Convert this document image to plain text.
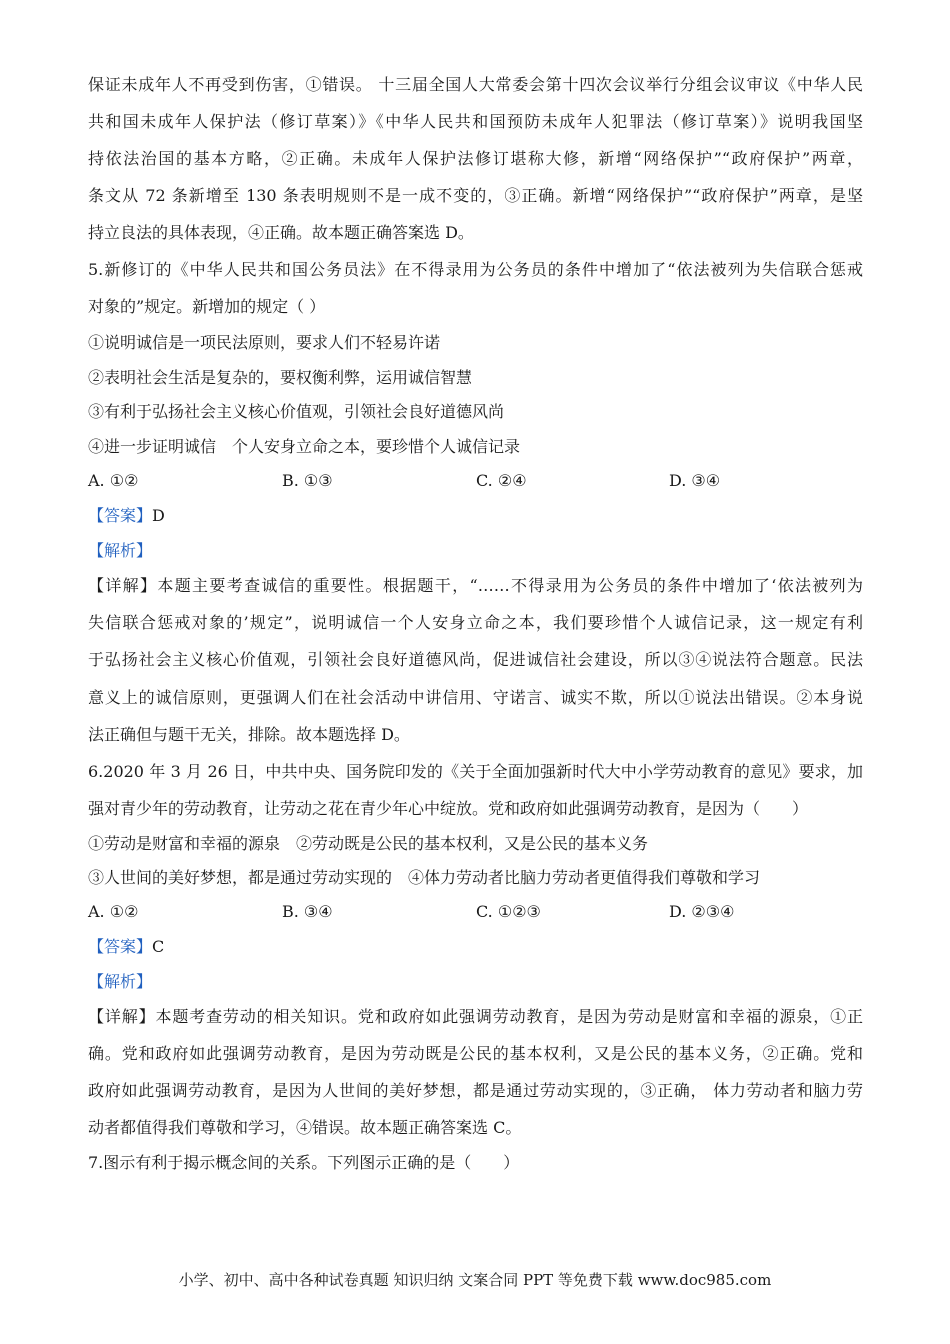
保证未成年人不再受到伤害，①错误。 十三届全国人大常委会第十四次会议举行分组会议审议《中华人民
共和国未成年人保护法（修订草案）》《中华人民共和国预防未成年人犯罪法（修订草案）》说明我国坚
持依法治国的基本方略，②正确。未成年人保护法修订堪称大修，新增“网络保护”“政府保护”两章，
条文从 72 条新增至 130 条表明规则不是一成不变的，③正确。新增“网络保护”“政府保护”两章，是坚
持立良法的具体表现，④正确。故本题正确答案选 D。
5.新修订的《中华人民共和国公务员法》在不得录用为公务员的条件中增加了“依法被列为失信联合惩戒
对象的”规定。新增加的规定（ ）
①说明诚信是一项民法原则，要求人们不轻易许诺
②表明社会生活是复杂的，要权衡利弊，运用诚信智慧
③有利于弘扬社会主义核心价值观，引领社会良好道德风尚
④进一步证明诚信　个人安身立命之本，要珍惜个人诚信记录
A. ①②	B. ①③	C. ②④	D. ③④
【答案】D
【解析】
【详解】本题主要考查诚信的重要性。根据题干，“……不得录用为公务员的条件中增加了‘依法被列为
失信联合惩戒对象的’规定”，说明诚信一个人安身立命之本，我们要珍惜个人诚信记录，这一规定有利
于弘扬社会主义核心价值观，引领社会良好道德风尚，促进诚信社会建设，所以③④说法符合题意。民法
意义上的诚信原则，更强调人们在社会活动中讲信用、守诺言、诚实不欺，所以①说法出错误。②本身说
法正确但与题干无关，排除。故本题选择 D。
6.2020 年 3 月 26 日，中共中央、国务院印发的《关于全面加强新时代大中小学劳动教育的意见》要求，加
强对青少年的劳动教育，让劳动之花在青少年心中绽放。党和政府如此强调劳动教育，是因为（　　）
①劳动是财富和幸福的源泉　②劳动既是公民的基本权利，又是公民的基本义务
③人世间的美好梦想，都是通过劳动实现的　④体力劳动者比脑力劳动者更值得我们尊敬和学习
A. ①②	B. ③④	C. ①②③	D. ②③④
【答案】C
【解析】
【详解】本题考查劳动的相关知识。党和政府如此强调劳动教育，是因为劳动是财富和幸福的源泉，①正
确。党和政府如此强调劳动教育，是因为劳动既是公民的基本权利，又是公民的基本义务，②正确。党和
政府如此强调劳动教育，是因为人世间的美好梦想，都是通过劳动实现的，③正确， 体力劳动者和脑力劳
动者都值得我们尊敬和学习，④错误。故本题正确答案选 C。
7.图示有利于揭示概念间的关系。下列图示正确的是（　　）
小学、初中、高中各种试卷真题 知识归纳 文案合同 PPT 等免费下载 www.doc985.com
